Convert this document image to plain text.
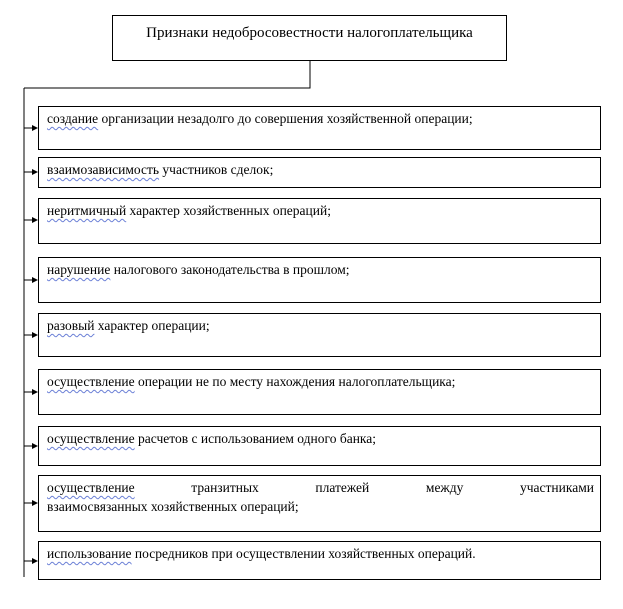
Признаки недобросовестности налогоплательщика
создание организации незадолго до совершения хозяйственной операции;
взаимозависимость участников сделок;
неритмичный характер хозяйственных операций;
нарушение налогового законодательства в прошлом;
разовый характер операции;
осуществление операции не по месту нахождения налогоплательщика;
осуществление расчетов с использованием одного банка;
осуществление транзитных платежей между участниками
взаимосвязанных хозяйственных операций;
использование посредников при осуществлении хозяйственных операций.
